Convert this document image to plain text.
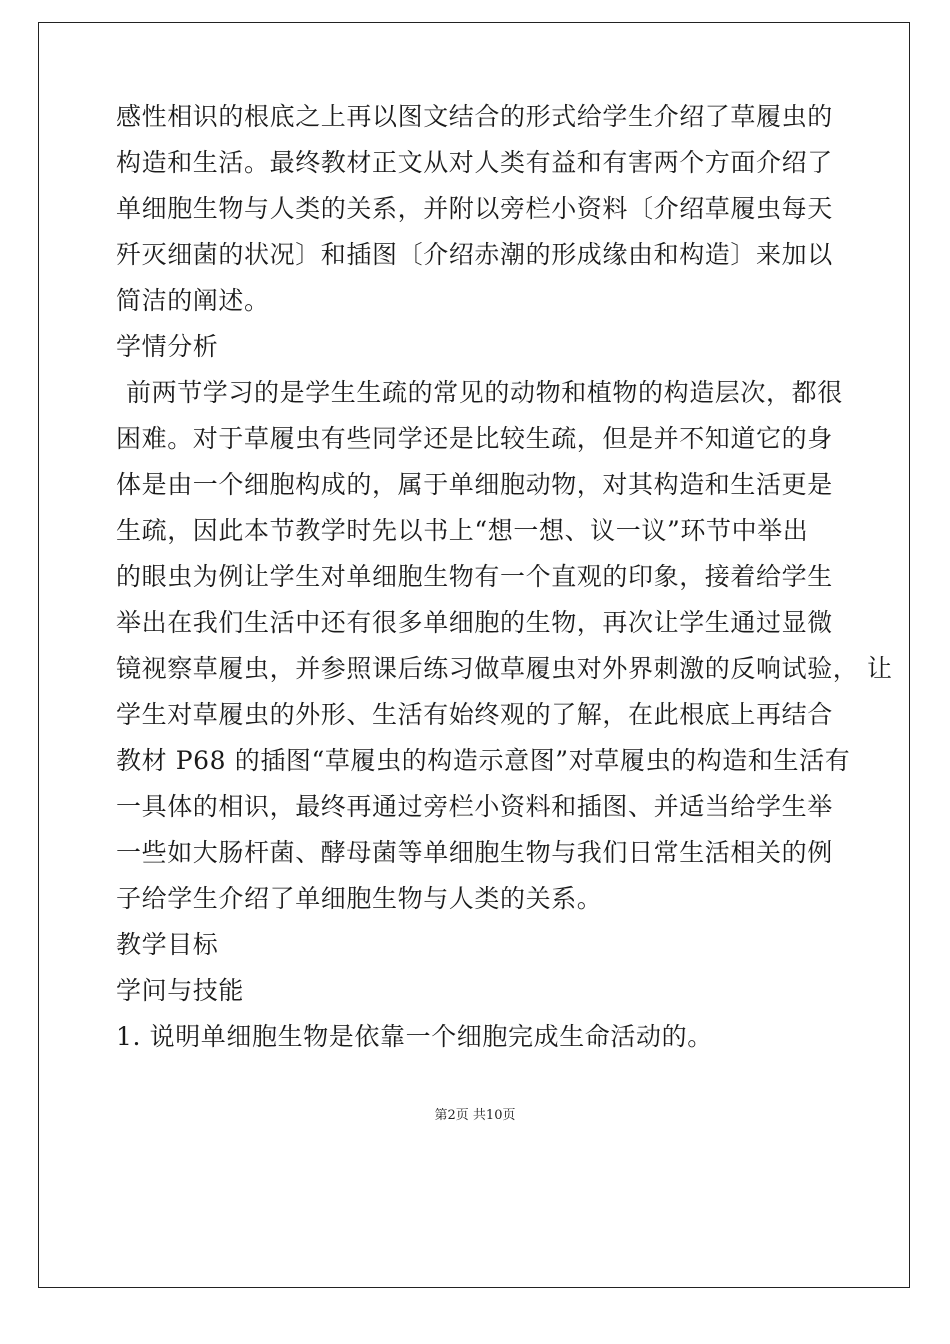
感性相识的根底之上再以图文结合的形式给学生介绍了草履虫的
构造和生活。最终教材正文从对人类有益和有害两个方面介绍了
单细胞生物与人类的关系，并附以旁栏小资料〔介绍草履虫每天
歼灭细菌的状况〕和插图〔介绍赤潮的形成缘由和构造〕来加以
简洁的阐述。
学情分析
前两节学习的是学生生疏的常见的动物和植物的构造层次，都很
困难。对于草履虫有些同学还是比较生疏，但是并不知道它的身
体是由一个细胞构成的，属于单细胞动物，对其构造和生活更是
生疏，因此本节教学时先以书上“想一想、议一议”环节中举出
的眼虫为例让学生对单细胞生物有一个直观的印象，接着给学生
举出在我们生活中还有很多单细胞的生物，再次让学生通过显微
镜视察草履虫，并参照课后练习做草履虫对外界刺激的反响试验， 让
学生对草履虫的外形、生活有始终观的了解，在此根底上再结合
教材 P68 的插图“草履虫的构造示意图”对草履虫的构造和生活有
一具体的相识，最终再通过旁栏小资料和插图、并适当给学生举
一些如大肠杆菌、酵母菌等单细胞生物与我们日常生活相关的例
子给学生介绍了单细胞生物与人类的关系。
教学目标
学问与技能
1. 说明单细胞生物是依靠一个细胞完成生命活动的。
第2页 共10页
